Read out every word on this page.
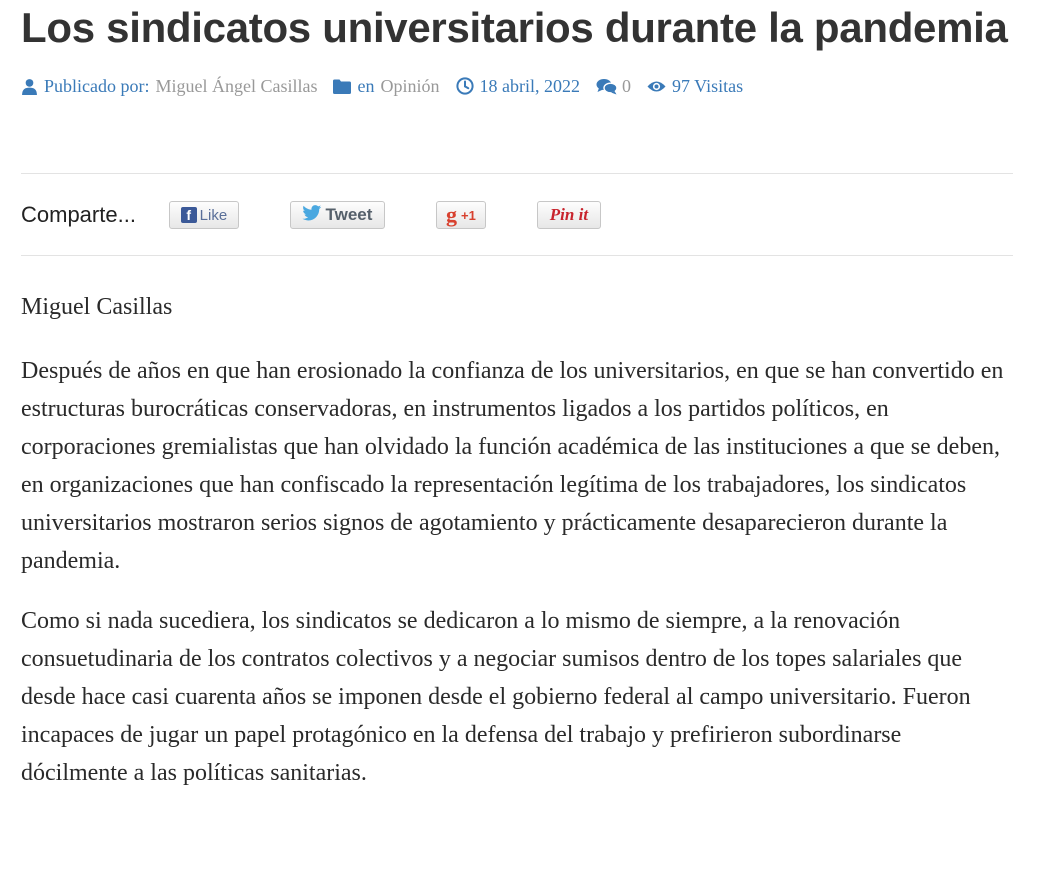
Los sindicatos universitarios durante la pandemia
Publicado por: Miguel Ángel Casillas en Opinión 18 abril, 2022 0 97 Visitas
Comparte...	f Like	Tweet	g +1	Pin it

Miguel Casillas

Después de años en que han erosionado la confianza de los universitarios, en que se han convertido en estructuras burocráticas conservadoras, en instrumentos ligados a los partidos políticos, en corporaciones gremialistas que han olvidado la función académica de las instituciones a que se deben, en organizaciones que han confiscado la representación legítima de los trabajadores, los sindicatos universitarios mostraron serios signos de agotamiento y prácticamente desaparecieron durante la pandemia.

Como si nada sucediera, los sindicatos se dedicaron a lo mismo de siempre, a la renovación consuetudinaria de los contratos colectivos y a negociar sumisos dentro de los topes salariales que desde hace casi cuarenta años se imponen desde el gobierno federal al campo universitario. Fueron incapaces de jugar un papel protagónico en la defensa del trabajo y prefirieron subordinarse dócilmente a las políticas sanitarias.
